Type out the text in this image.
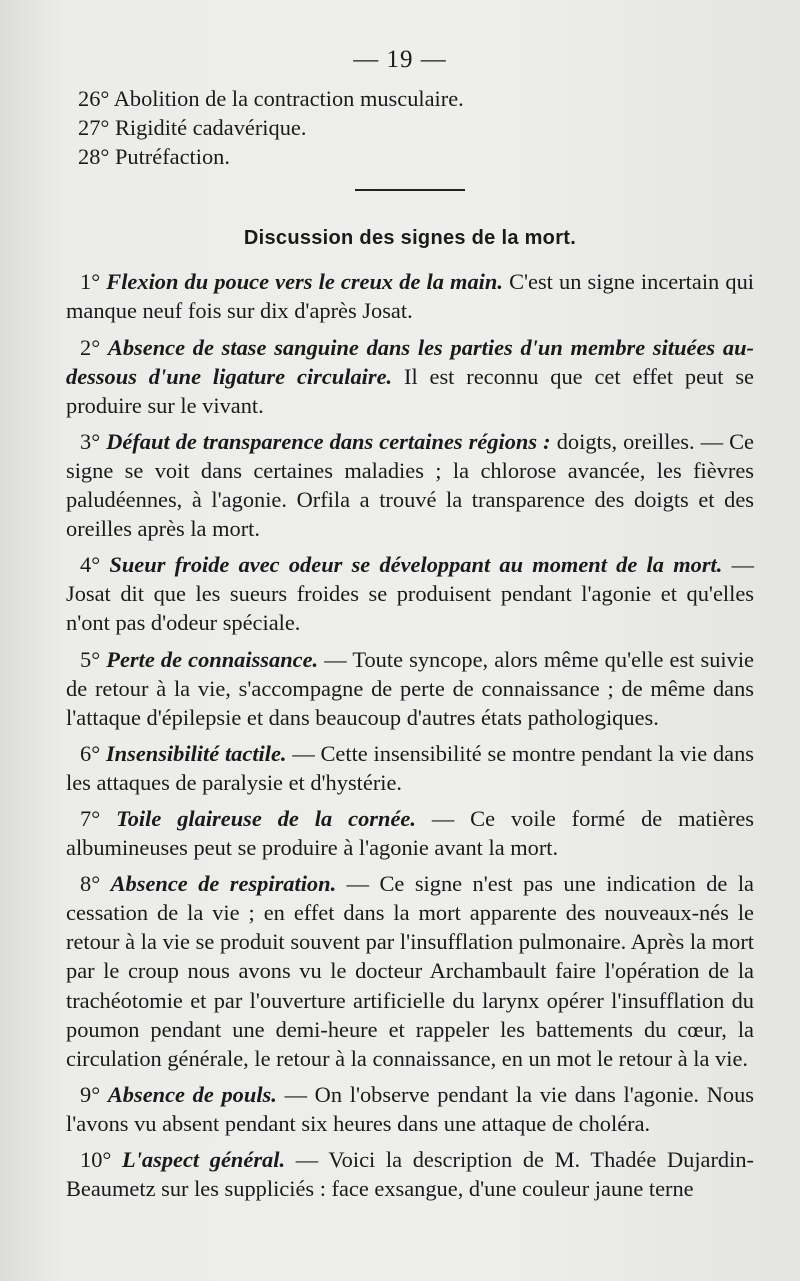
— 19 —

26° Abolition de la contraction musculaire.

27° Rigidité cadavérique.

28° Putréfaction.

Discussion des signes de la mort.

1° Flexion du pouce vers le creux de la main. C'est un signe incertain qui manque neuf fois sur dix d'après Josat.

2° Absence de stase sanguine dans les parties d'un membre situées au-dessous d'une ligature circulaire. Il est reconnu que cet effet peut se produire sur le vivant.

3° Défaut de transparence dans certaines régions : doigts, oreilles. — Ce signe se voit dans certaines maladies ; la chlorose avancée, les fièvres paludéennes, à l'agonie. Orfila a trouvé la transparence des doigts et des oreilles après la mort.

4° Sueur froide avec odeur se développant au moment de la mort. — Josat dit que les sueurs froides se produisent pendant l'agonie et qu'elles n'ont pas d'odeur spéciale.

5° Perte de connaissance. — Toute syncope, alors même qu'elle est suivie de retour à la vie, s'accompagne de perte de connaissance ; de même dans l'attaque d'épilepsie et dans beaucoup d'autres états pathologiques.

6° Insensibilité tactile. — Cette insensibilité se montre pendant la vie dans les attaques de paralysie et d'hystérie.

7° Toile glaireuse de la cornée. — Ce voile formé de matières albumineuses peut se produire à l'agonie avant la mort.

8° Absence de respiration. — Ce signe n'est pas une indication de la cessation de la vie ; en effet dans la mort apparente des nouveaux-nés le retour à la vie se produit souvent par l'insufflation pulmonaire. Après la mort par le croup nous avons vu le docteur Archambault faire l'opération de la trachéotomie et par l'ouverture artificielle du larynx opérer l'insufflation du poumon pendant une demi-heure et rappeler les battements du cœur, la circulation générale, le retour à la connaissance, en un mot le retour à la vie.

9° Absence de pouls. — On l'observe pendant la vie dans l'agonie. Nous l'avons vu absent pendant six heures dans une attaque de choléra.

10° L'aspect général. — Voici la description de M. Thadée Dujardin-Beaumetz sur les suppliciés : face exsangue, d'une couleur jaune terne
